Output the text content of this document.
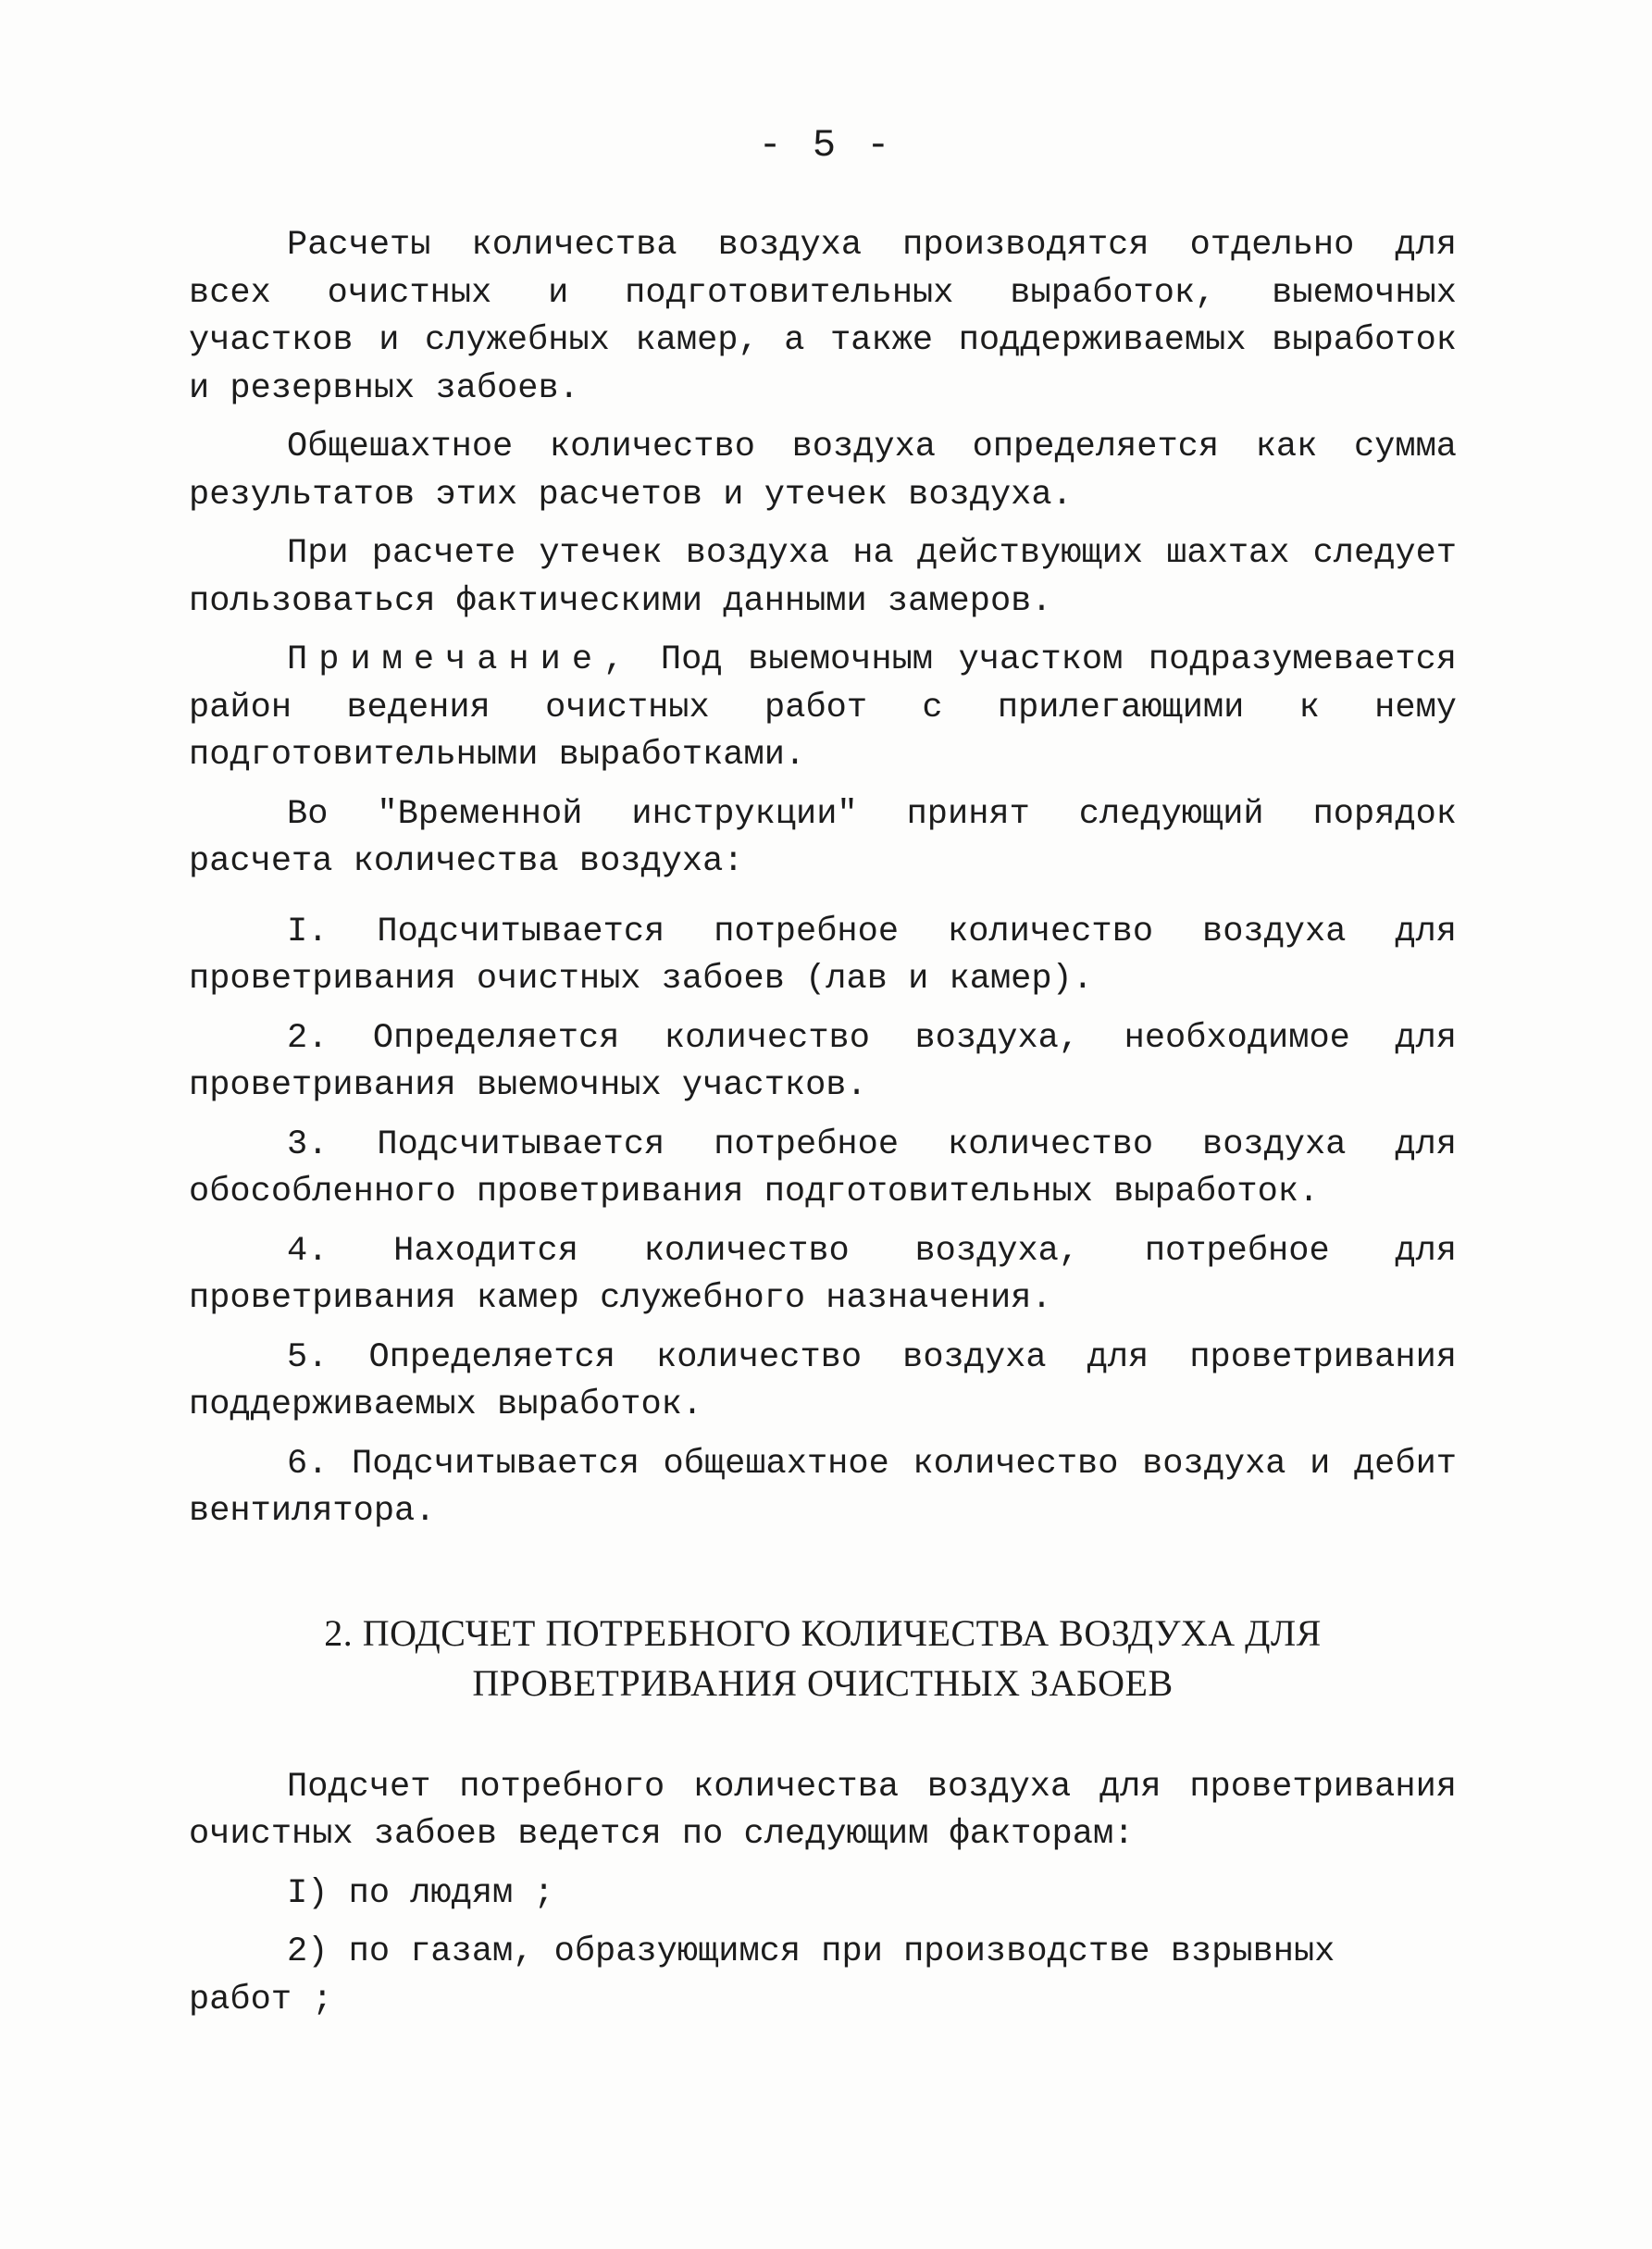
- 5 -

Расчеты количества воздуха производятся отдельно для всех очистных и подготовительных выработок, выемочных участков и служебных камер, а также поддерживаемых выработок и резервных забоев.

Общешахтное количество воздуха определяется как сумма результатов этих расчетов и утечек воздуха.

При расчете утечек воздуха на действующих шахтах следует пользоваться фактическими данными замеров.

Примечание, Под выемочным участком подразумевается район ведения очистных работ с прилегающими к нему подготовительными выработками.

Во "Временной инструкции" принят следующий порядок расчета количества воздуха:

I. Подсчитывается потребное количество воздуха для проветривания очистных забоев (лав и камер).

2. Определяется количество воздуха, необходимое для проветривания выемочных участков.

3. Подсчитывается потребное количество воздуха для обособленного проветривания подготовительных выработок.

4. Находится количество воздуха, потребное для проветривания камер служебного назначения.

5. Определяется количество воздуха для проветривания поддерживаемых выработок.

6. Подсчитывается общешахтное количество воздуха и дебит вентилятора.

2. ПОДСЧЕТ ПОТРЕБНОГО КОЛИЧЕСТВА ВОЗДУХА ДЛЯ

ПРОВЕТРИВАНИЯ ОЧИСТНЫХ ЗАБОЕВ

Подсчет потребного количества воздуха для проветривания очистных забоев ведется по следующим факторам:

I) по людям ;

2) по газам, образующимся при производстве взрывных работ ;
